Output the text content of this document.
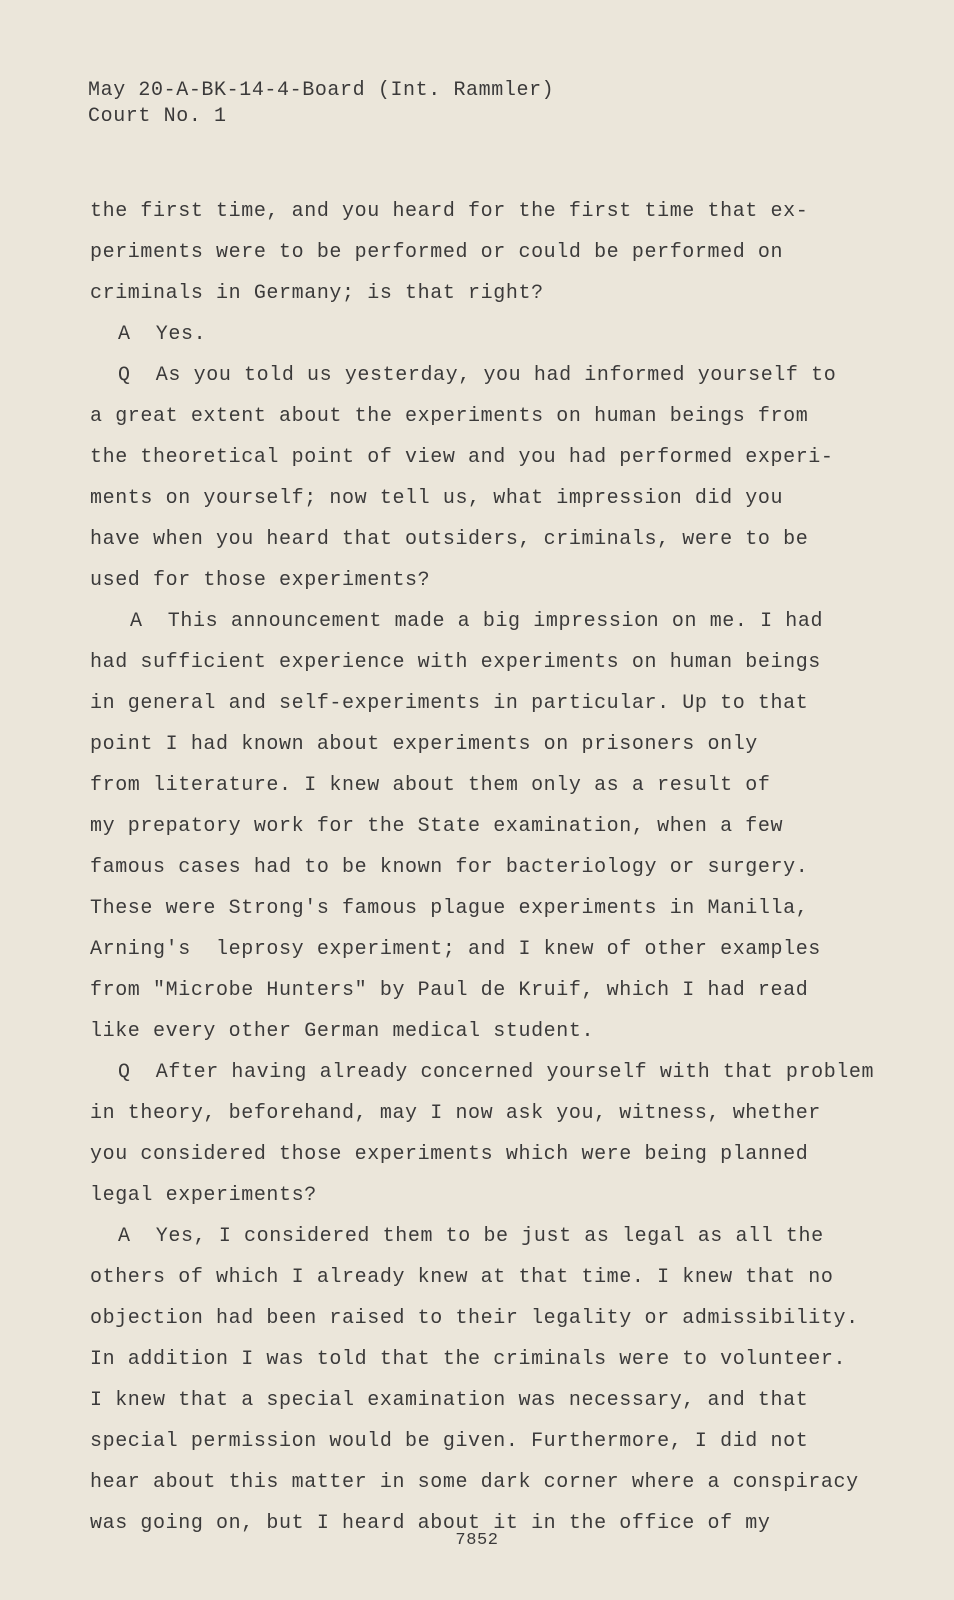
May 20-A-BK-14-4-Board (Int. Rammler)
Court No. 1
the first time, and you heard for the first time that ex-
periments were to be performed or could be performed on
criminals in Germany; is that right?
A  Yes.
Q  As you told us yesterday, you had informed yourself to
a great extent about the experiments on human beings from
the theoretical point of view and you had performed experi-
ments on yourself; now tell us, what impression did you
have when you heard that outsiders, criminals, were to be
used for those experiments?
A  This announcement made a big impression on me. I had
had sufficient experience with experiments on human beings
in general and self-experiments in particular. Up to that
point I had known about experiments on prisoners only
from literature. I knew about them only as a result of
my prepatory work for the State examination, when a few
famous cases had to be known for bacteriology or surgery.
These were Strong's famous plague experiments in Manilla,
Arning's  leprosy experiment; and I knew of other examples
from "Microbe Hunters" by Paul de Kruif, which I had read
like every other German medical student.
Q  After having already concerned yourself with that problem
in theory, beforehand, may I now ask you, witness, whether
you considered those experiments which were being planned
legal experiments?
A  Yes, I considered them to be just as legal as all the
others of which I already knew at that time. I knew that no
objection had been raised to their legality or admissibility.
In addition I was told that the criminals were to volunteer.
I knew that a special examination was necessary, and that
special permission would be given. Furthermore, I did not
hear about this matter in some dark corner where a conspiracy
was going on, but I heard about it in the office of my
7852
